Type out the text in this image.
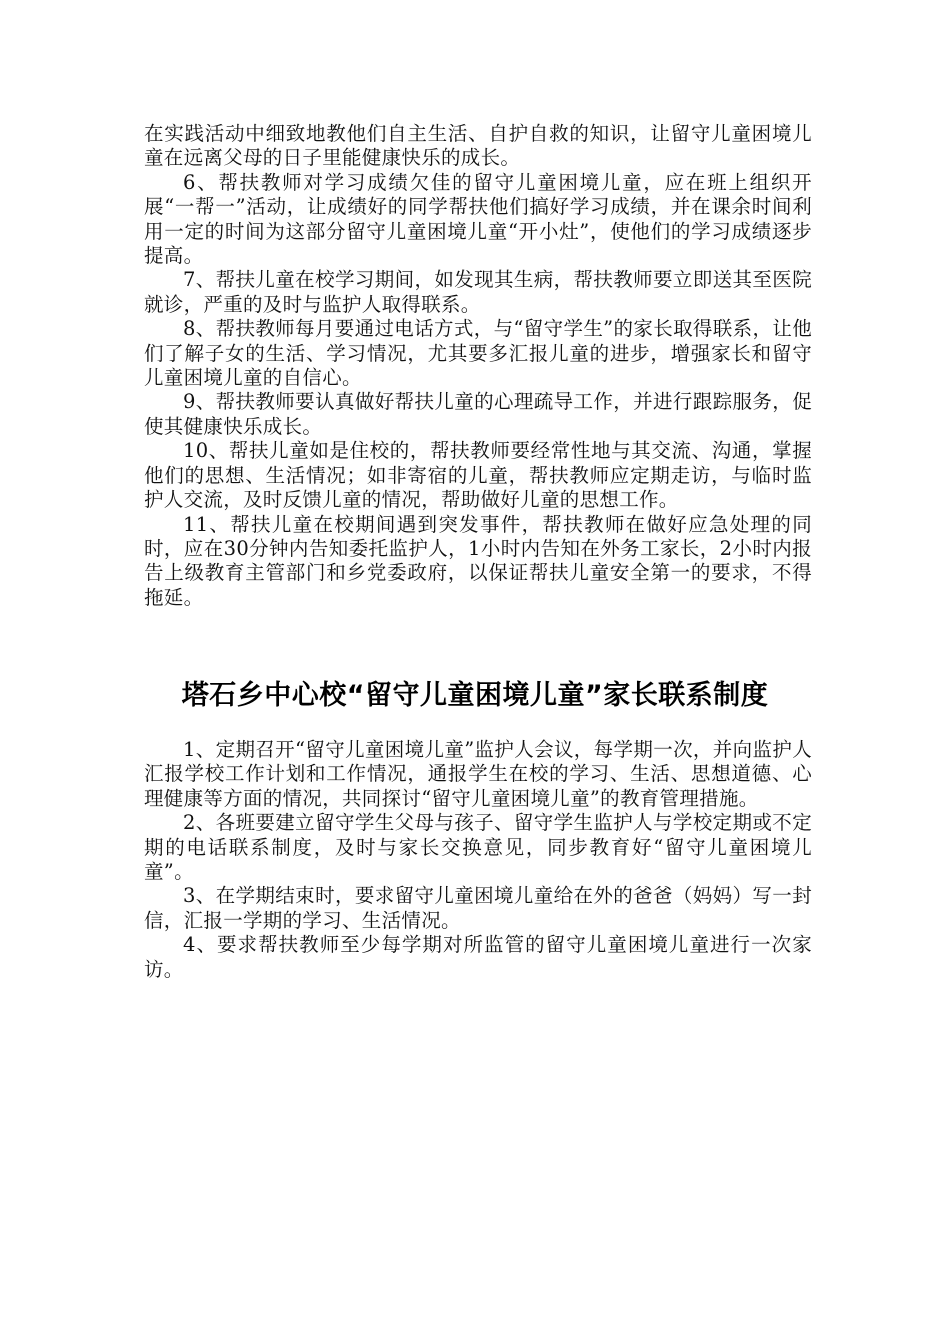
在实践活动中细致地教他们自主生活、自护自救的知识，让留守儿童困境儿童在远离父母的日子里能健康快乐的成长。

6、帮扶教师对学习成绩欠佳的留守儿童困境儿童，应在班上组织开展“一帮一”活动，让成绩好的同学帮扶他们搞好学习成绩，并在课余时间利用一定的时间为这部分留守儿童困境儿童“开小灶”，使他们的学习成绩逐步提高。

7、帮扶儿童在校学习期间，如发现其生病，帮扶教师要立即送其至医院就诊，严重的及时与监护人取得联系。

8、帮扶教师每月要通过电话方式，与“留守学生”的家长取得联系，让他们了解子女的生活、学习情况，尤其要多汇报儿童的进步，增强家长和留守儿童困境儿童的自信心。

9、帮扶教师要认真做好帮扶儿童的心理疏导工作，并进行跟踪服务，促使其健康快乐成长。

10、帮扶儿童如是住校的，帮扶教师要经常性地与其交流、沟通，掌握他们的思想、生活情况；如非寄宿的儿童，帮扶教师应定期走访，与临时监护人交流，及时反馈儿童的情况，帮助做好儿童的思想工作。

11、帮扶儿童在校期间遇到突发事件，帮扶教师在做好应急处理的同时，应在30分钟内告知委托监护人，1小时内告知在外务工家长，2小时内报告上级教育主管部门和乡党委政府，以保证帮扶儿童安全第一的要求，不得拖延。

塔石乡中心校“留守儿童困境儿童”家长联系制度

1、定期召开“留守儿童困境儿童”监护人会议，每学期一次，并向监护人汇报学校工作计划和工作情况，通报学生在校的学习、生活、思想道德、心理健康等方面的情况，共同探讨“留守儿童困境儿童”的教育管理措施。

2、各班要建立留守学生父母与孩子、留守学生监护人与学校定期或不定期的电话联系制度，及时与家长交换意见，同步教育好“留守儿童困境儿童”。

3、在学期结束时，要求留守儿童困境儿童给在外的爸爸（妈妈）写一封信，汇报一学期的学习、生活情况。

4、要求帮扶教师至少每学期对所监管的留守儿童困境儿童进行一次家访。
